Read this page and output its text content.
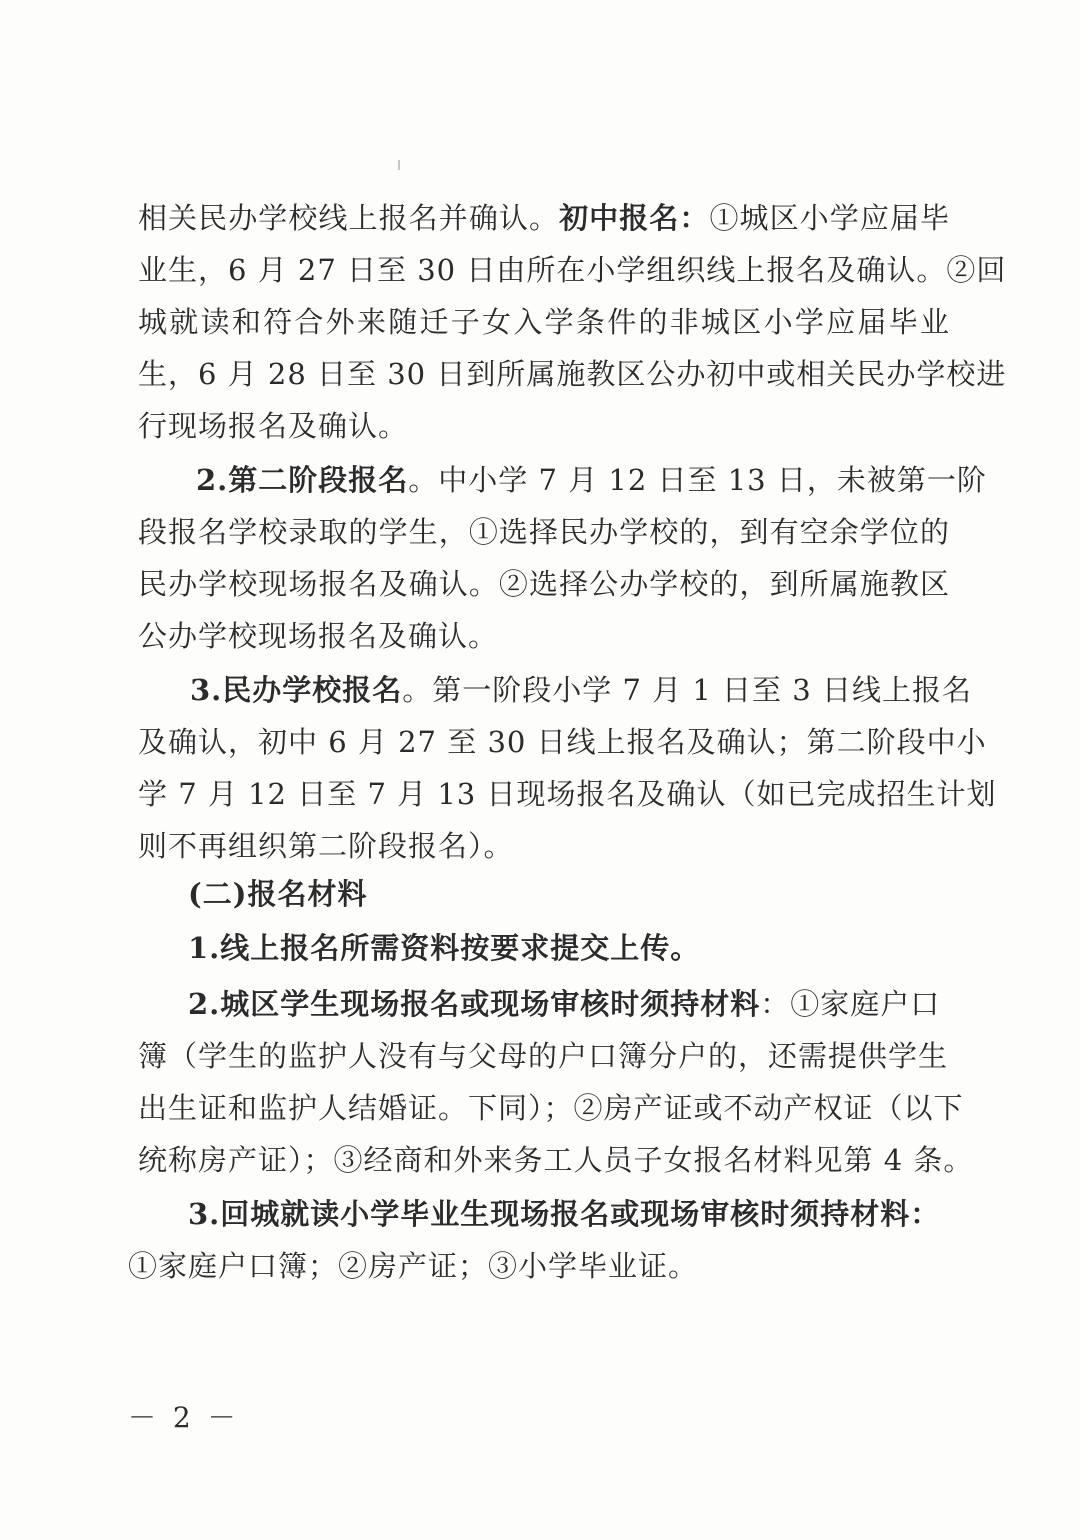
相关民办学校线上报名并确认。初中报名：①城区小学应届毕
业生，6 月 27 日至 30 日由所在小学组织线上报名及确认。②回
城就读和符合外来随迁子女入学条件的非城区小学应届毕业
生，6 月 28 日至 30 日到所属施教区公办初中或相关民办学校进
行现场报名及确认。
2.第二阶段报名。中小学 7 月 12 日至 13 日，未被第一阶
段报名学校录取的学生，①选择民办学校的，到有空余学位的
民办学校现场报名及确认。②选择公办学校的，到所属施教区
公办学校现场报名及确认。
3.民办学校报名。第一阶段小学 7 月 1 日至 3 日线上报名
及确认，初中 6 月 27 至 30 日线上报名及确认；第二阶段中小
学 7 月 12 日至 7 月 13 日现场报名及确认（如已完成招生计划
则不再组织第二阶段报名）。
(二)报名材料
1.线上报名所需资料按要求提交上传。
2.城区学生现场报名或现场审核时须持材料：①家庭户口
簿（学生的监护人没有与父母的户口簿分户的，还需提供学生
出生证和监护人结婚证。下同）；②房产证或不动产权证（以下
统称房产证）；③经商和外来务工人员子女报名材料见第 4 条。
3.回城就读小学毕业生现场报名或现场审核时须持材料：
①家庭户口簿；②房产证；③小学毕业证。
－ 2 －
